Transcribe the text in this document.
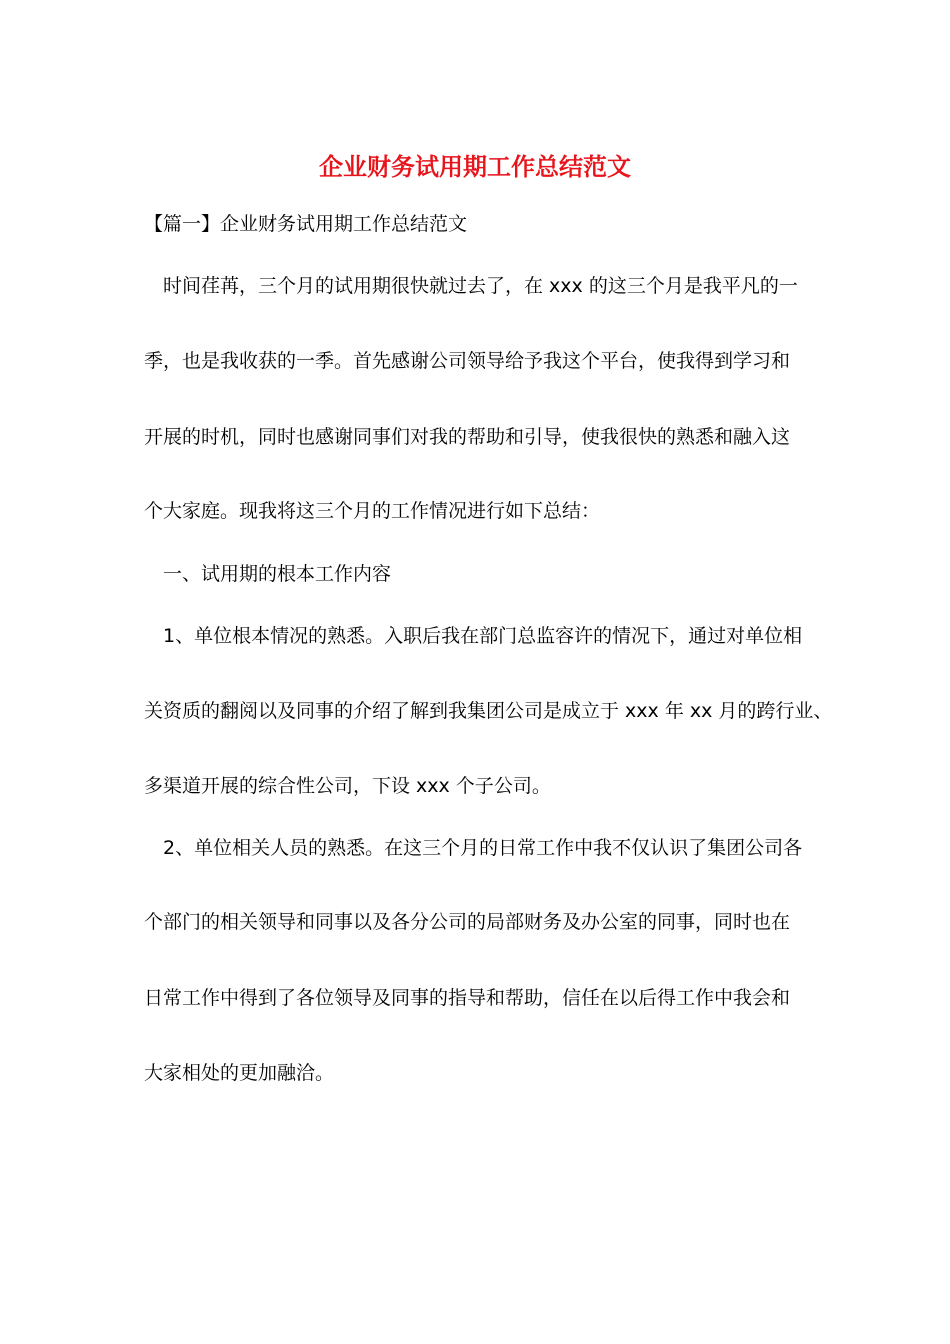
企业财务试用期工作总结范文
【篇一】企业财务试用期工作总结范文
时间荏苒，三个月的试用期很快就过去了，在 xxx 的这三个月是我平凡的一
季，也是我收获的一季。首先感谢公司领导给予我这个平台，使我得到学习和
开展的时机，同时也感谢同事们对我的帮助和引导，使我很快的熟悉和融入这
个大家庭。现我将这三个月的工作情况进行如下总结：
一、试用期的根本工作内容
1、单位根本情况的熟悉。入职后我在部门总监容许的情况下，通过对单位相
关资质的翻阅以及同事的介绍了解到我集团公司是成立于 xxx 年 xx 月的跨行业、
多渠道开展的综合性公司，下设 xxx 个子公司。
2、单位相关人员的熟悉。在这三个月的日常工作中我不仅认识了集团公司各
个部门的相关领导和同事以及各分公司的局部财务及办公室的同事，同时也在
日常工作中得到了各位领导及同事的指导和帮助，信任在以后得工作中我会和
大家相处的更加融洽。
